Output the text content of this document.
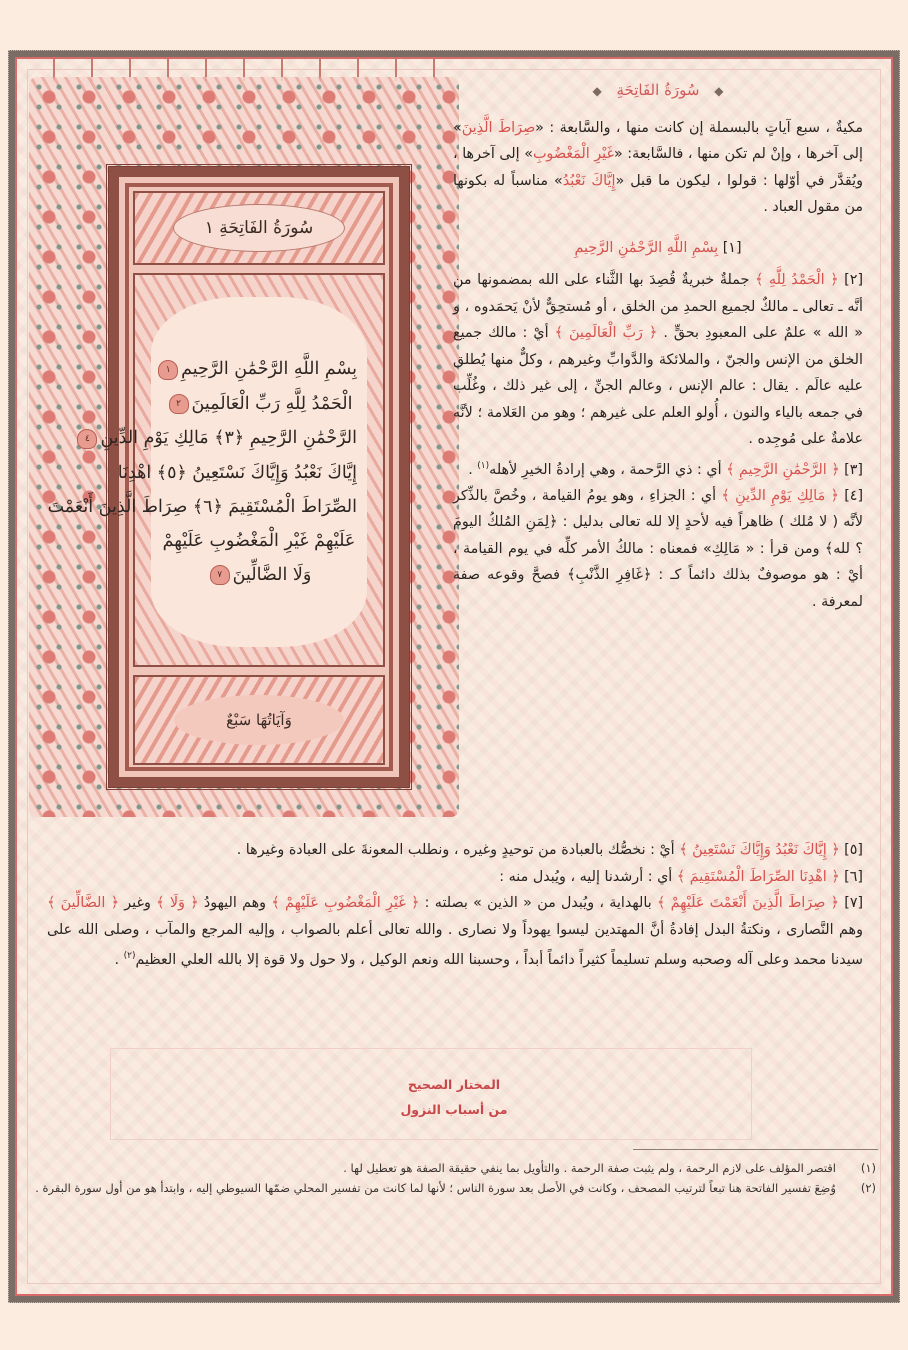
سُورَةُ الفَاتِحَةِ ١
بِسْمِ اللَّهِ الرَّحْمَٰنِ الرَّحِيمِ١
الْحَمْدُ لِلَّهِ رَبِّ الْعَالَمِينَ٢
الرَّحْمَٰنِ الرَّحِيمِ ﴿٣﴾ مَالِكِ يَوْمِ الدِّينِ٤
إِيَّاكَ نَعْبُدُ وَإِيَّاكَ نَسْتَعِينُ ﴿٥﴾ اهْدِنَا
الصِّرَاطَ الْمُسْتَقِيمَ ﴿٦﴾ صِرَاطَ الَّذِينَ أَنْعَمْتَ
عَلَيْهِمْ غَيْرِ الْمَغْضُوبِ عَلَيْهِمْ
وَلَا الضَّالِّينَ٧
وَآيَاتُهَا سَبْعٌ
◆ سُورَةُ الفَاتِحَةِ ◆

مكيةٌ ، سبع آياتٍ بالبسملة إن كانت منها ، والسَّابعة : «صِرَاطَ الَّذِينَ» إلى آخرها ، وإنْ لم تكن منها ، فالسَّابعة: «غَيْرِ الْمَغْضُوبِ» إلى آخرها ، ويُقدَّر في أوّلها : قولوا ، ليكون ما قبل «إِيَّاكَ نَعْبُدُ» مناسباً له بكونها من مقول العباد .

[١] بِسْمِ اللَّهِ الرَّحْمَٰنِ الرَّحِيمِ

[٢] ﴿ الْحَمْدُ لِلَّهِ ﴾ جملةٌ خبريةٌ قُصِدَ بها الثَّناء على الله بمضمونها من أنَّه ـ تعالى ـ مالكٌ لجميع الحمدِ من الخلق ، أو مُستحِقٌّ لأنْ يَحمَدوه ، و « الله » علمٌ على المعبودِ بحقٍّ . ﴿ رَبِّ الْعَالَمِينَ ﴾ أيْ : مالك جميع الخلق من الإنس والجنّ ، والملائكة والدَّوابِّ وغيرهم ، وكلٌّ منها يُطلق عليه عالَم . يقال : عالم الإنس ، وعالم الجنِّ ، إلى غير ذلك ، وغُلِّب في جمعه بالياء والنون ، أُولو العلم على غيرهم ؛ وهو من العَلامة ؛ لأنَّه علامةٌ على مُوجِده .

[٣] ﴿ الرَّحْمَٰنِ الرَّحِيمِ ﴾ أي : ذي الرَّحمة ، وهي إرادةُ الخيرِ لأهله$^{(١)}$ .

[٤] ﴿ مَالِكِ يَوْمِ الدِّينِ ﴾ أي : الجزاءِ ، وهو يومُ القيامة ، وخُصَّ بالذِّكر لأنَّه ( لا مُلك ) ظاهراً فيه لأحدٍ إلا لله تعالى بدليل : ﴿لِمَنِ المُلكُ اليومَ ؟ لله﴾ ومن قرأ : « مَالِكِ» فمعناه : مالكُ الأمر كلِّه في يوم القيامة ، أيْ : هو موصوفٌ بذلك دائماً كـ : ﴿غَافِرِ الذَّنْبِ﴾ فصحَّ وقوعه صفة لمعرفة .

[٥] ﴿ إِيَّاكَ نَعْبُدُ وَإِيَّاكَ نَسْتَعِينُ ﴾ أيْ : نخصُّك بالعبادة من توحيدٍ وغيره ، ونطلب المعونةَ على العبادة وغيرها .

[٦] ﴿ اهْدِنَا الصِّرَاطَ الْمُسْتَقِيمَ ﴾ أي : أرشدنا إليه ، ويُبدل منه :

[٧] ﴿ صِرَاطَ الَّذِينَ أَنْعَمْتَ عَلَيْهِمْ ﴾ بالهداية ، ويُبدل من « الذين » بصلته : ﴿ غَيْرِ الْمَغْضُوبِ عَلَيْهِمْ ﴾ وهم اليهودُ ﴿ وَلَا ﴾ وغير ﴿ الضَّالِّينَ ﴾ وهم النَّصارى ، ونكتةُ البدل إفادةُ أنَّ المهتدين ليسوا يهوداً ولا نصارى . والله تعالى أعلم بالصواب ، وإليه المرجع والمآب ، وصلى الله على سيدنا محمد وعلى آله وصحبه وسلم تسليماً كثيراً دائماً أبداً ، وحسبنا الله ونعم الوكيل ، ولا حول ولا قوة إلا بالله العلي العظيم$^{(٢)}$ .

المختار الصحيح
من أسباب النزول
(١)
اقتصر المؤلف على لازم الرحمة ، ولم يثبت صفة الرحمة . والتأويل بما ينفي حقيقة الصفة هو تعطيل لها .
(٢)
وُضِعَ تفسير الفاتحة هنا تبعاً لترتيب المصحف ، وكانت في الأصل بعد سورة الناس ؛ لأنها لما كانت من تفسير المحلي ضمّها السيوطي إليه ، وابتدأ هو من أول سورة البقرة .
